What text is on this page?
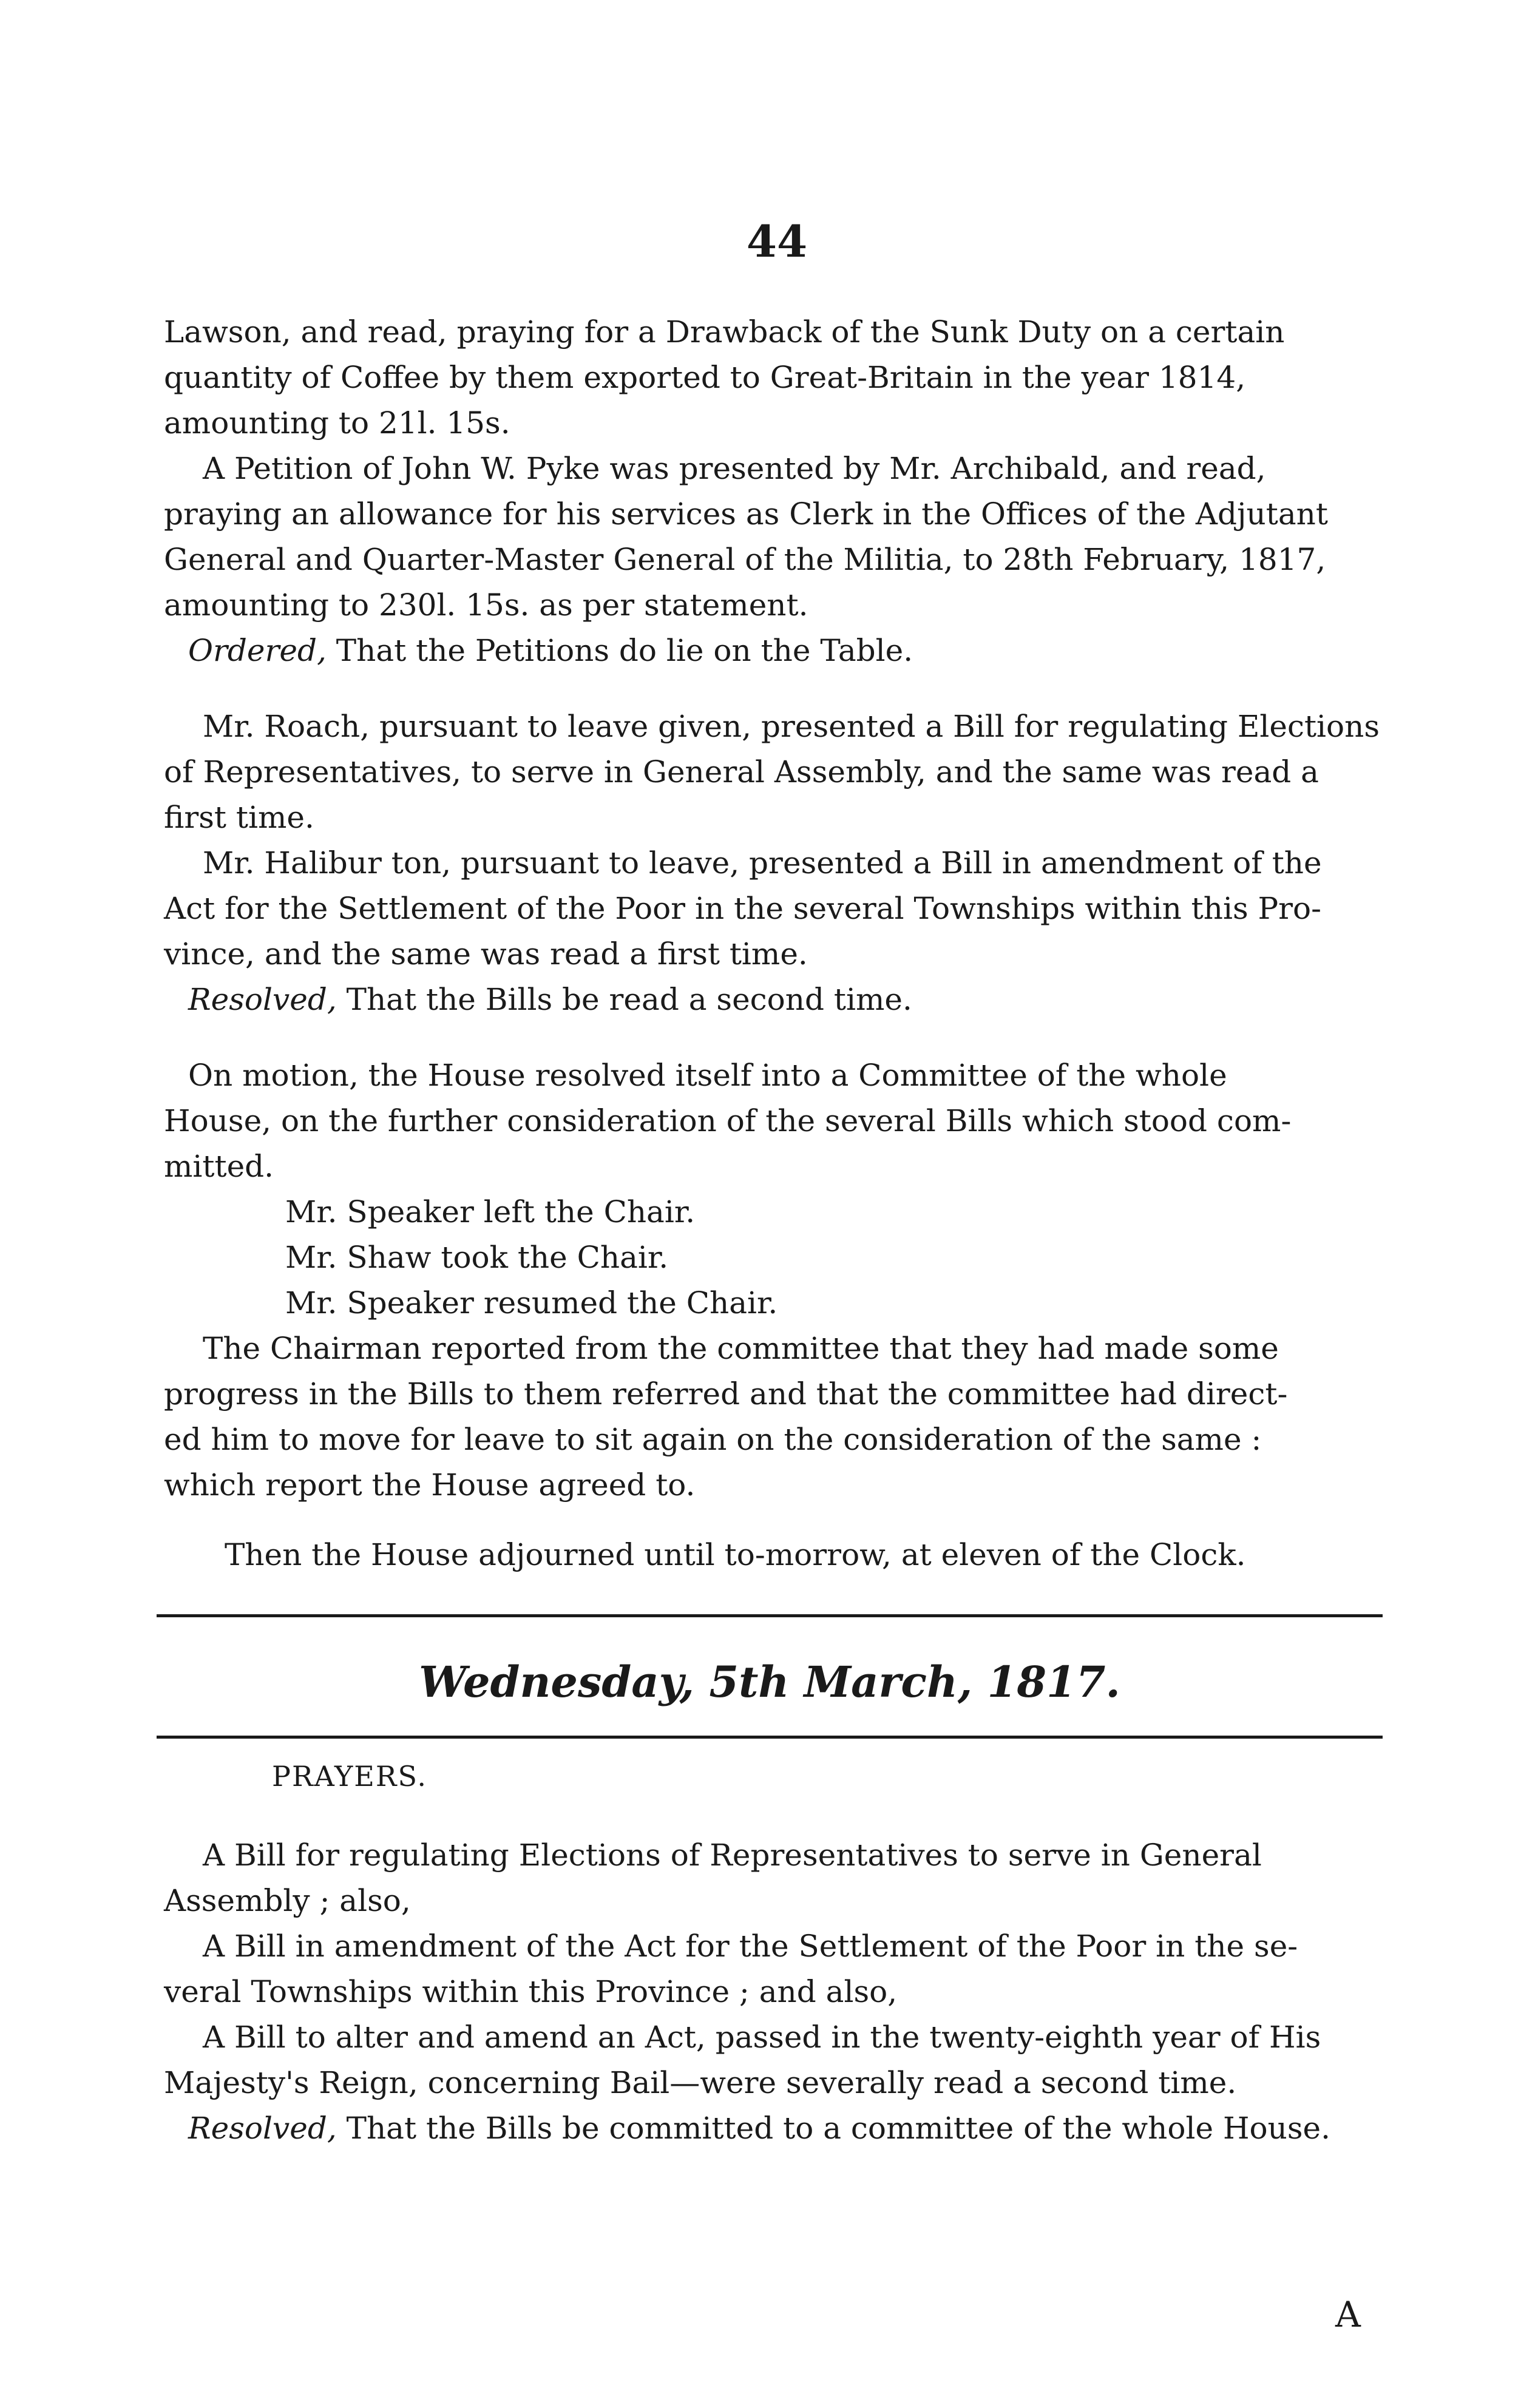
44

Lawson, and read, praying for a Drawback of the Sunk Duty on a certain
quantity of Coffee by them exported to Great-Britain in the year 1814,
amounting to 21l. 15s.

A Petition of John W. Pyke was presented by Mr. Archibald, and read,
praying an allowance for his services as Clerk in the Offices of the Adjutant
General and Quarter-Master General of the Militia, to 28th February, 1817,
amounting to 230l. 15s. as per statement.

Ordered, That the Petitions do lie on the Table.

Mr. Roach, pursuant to leave given, presented a Bill for regulating Elections
of Representatives, to serve in General Assembly, and the same was read a
first time.

Mr. Halibur ton, pursuant to leave, presented a Bill in amendment of the
Act for the Settlement of the Poor in the several Townships within this Pro-
vince, and the same was read a first time.

Resolved, That the Bills be read a second time.

On motion, the House resolved itself into a Committee of the whole
House, on the further consideration of the several Bills which stood com-
mitted.

Mr. Speaker left the Chair.
Mr. Shaw took the Chair.
Mr. Speaker resumed the Chair.

The Chairman reported from the committee that they had made some
progress in the Bills to them referred and that the committee had direct-
ed him to move for leave to sit again on the consideration of the same :
which report the House agreed to.

Then the House adjourned until to-morrow, at eleven of the Clock.

Wednesday, 5th March, 1817.
PRAYERS.

A Bill for regulating Elections of Representatives to serve in General
Assembly ; also,

A Bill in amendment of the Act for the Settlement of the Poor in the se-
veral Townships within this Province ; and also,

A Bill to alter and amend an Act, passed in the twenty-eighth year of His
Majesty's Reign, concerning Bail—were severally read a second time.

Resolved, That the Bills be committed to a committee of the whole House.

A
